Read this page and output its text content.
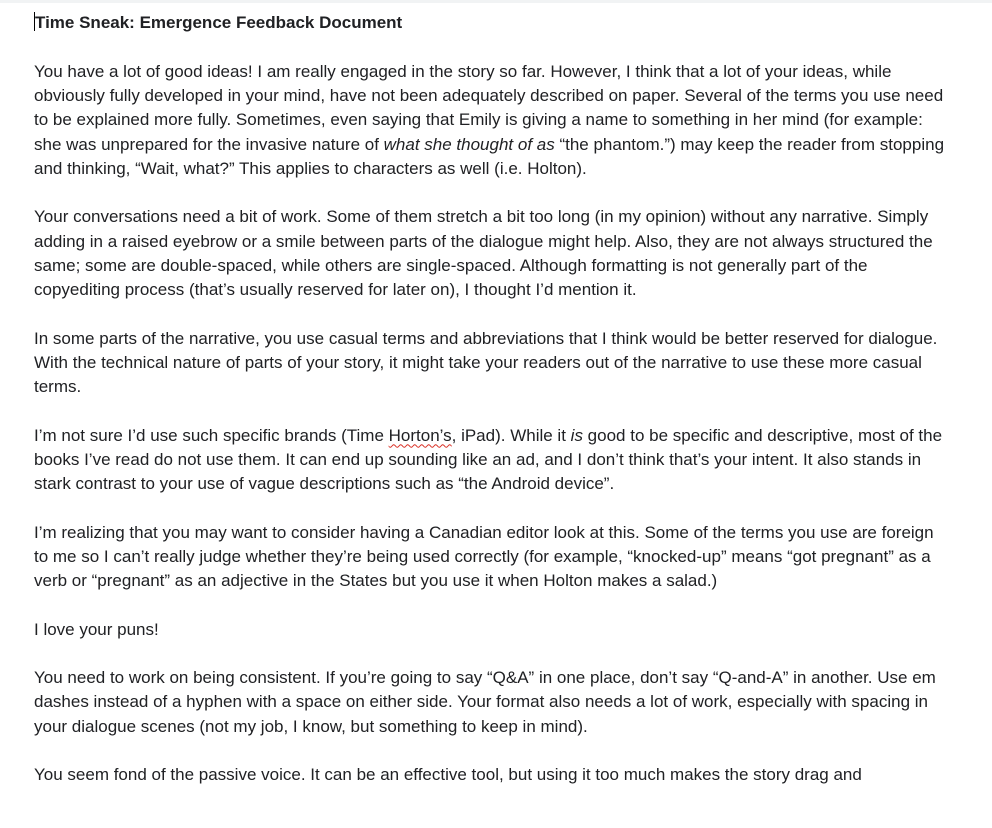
Time Sneak: Emergence Feedback Document

You have a lot of good ideas! I am really engaged in the story so far. However, I think that a lot of your ideas, while obviously fully developed in your mind, have not been adequately described on paper. Several of the terms you use need to be explained more fully. Sometimes, even saying that Emily is giving a name to something in her mind (for example: she was unprepared for the invasive nature of what she thought of as “the phantom.”) may keep the reader from stopping and thinking, “Wait, what?” This applies to characters as well (i.e. Holton).

Your conversations need a bit of work. Some of them stretch a bit too long (in my opinion) without any narrative. Simply adding in a raised eyebrow or a smile between parts of the dialogue might help. Also, they are not always structured the same; some are double-spaced, while others are single-spaced. Although formatting is not generally part of the copyediting process (that’s usually reserved for later on), I thought I’d mention it.

In some parts of the narrative, you use casual terms and abbreviations that I think would be better reserved for dialogue. With the technical nature of parts of your story, it might take your readers out of the narrative to use these more casual terms.

I’m not sure I’d use such specific brands (Time Horton’s, iPad). While it is good to be specific and descriptive, most of the books I’ve read do not use them. It can end up sounding like an ad, and I don’t think that’s your intent. It also stands in stark contrast to your use of vague descriptions such as “the Android device”.

I’m realizing that you may want to consider having a Canadian editor look at this. Some of the terms you use are foreign to me so I can’t really judge whether they’re being used correctly (for example, “knocked-up” means “got pregnant” as a verb or “pregnant” as an adjective in the States but you use it when Holton makes a salad.)

I love your puns!

You need to work on being consistent. If you’re going to say “Q&A” in one place, don’t say “Q-and-A” in another. Use em dashes instead of a hyphen with a space on either side. Your format also needs a lot of work, especially with spacing in your dialogue scenes (not my job, I know, but something to keep in mind).

You seem fond of the passive voice. It can be an effective tool, but using it too much makes the story drag and
